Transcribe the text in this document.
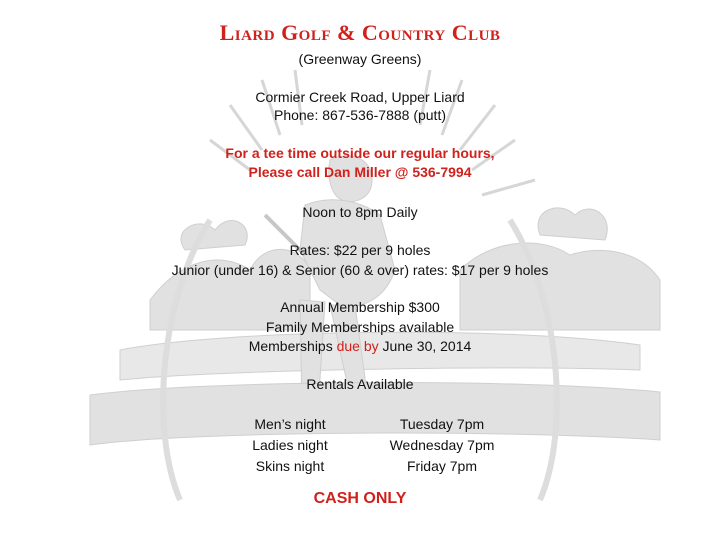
Liard Golf & Country Club
(Greenway Greens)
Cormier Creek Road, Upper Liard
Phone: 867-536-7888 (putt)
For a tee time outside our regular hours,
Please call Dan Miller @ 536-7994
Noon to 8pm Daily
Rates: $22 per 9 holes
Junior (under 16) & Senior (60 & over) rates: $17 per 9 holes
Annual Membership $300
Family Memberships available
Memberships due by June 30, 2014
Rentals Available
Men’s night
Ladies night
Skins night
Tuesday 7pm
Wednesday 7pm
Friday 7pm
CASH ONLY
